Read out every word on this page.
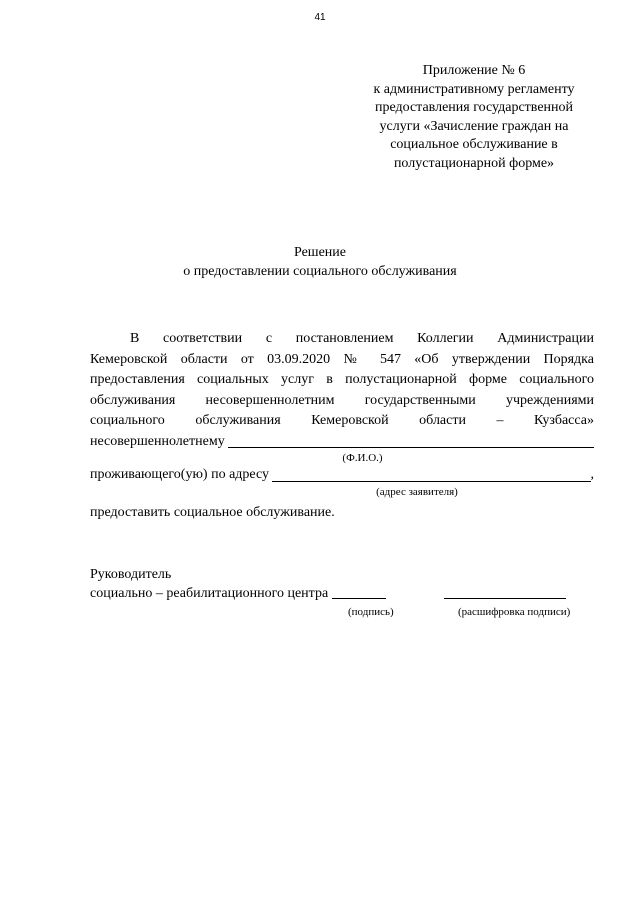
41
Приложение № 6
к административному регламенту
предоставления государственной
услуги «Зачисление граждан на
социальное обслуживание в
полустационарной форме»
Решение
о предоставлении социального обслуживания
В соответствии с постановлением Коллегии Администрации
Кемеровской области от 03.09.2020 № 547 «Об утверждении Порядка
предоставления социальных услуг в полустационарной форме социального
обслуживания несовершеннолетним государственными учреждениями
социального обслуживания Кемеровской области – Кузбасса»
несовершеннолетнему
(Ф.И.О.)
проживающего(ую) по адресу	,
(адрес заявителя)
предоставить социальное обслуживание.
Руководитель
социально – реабилитационного центра
(подпись)	(расшифровка подписи)
